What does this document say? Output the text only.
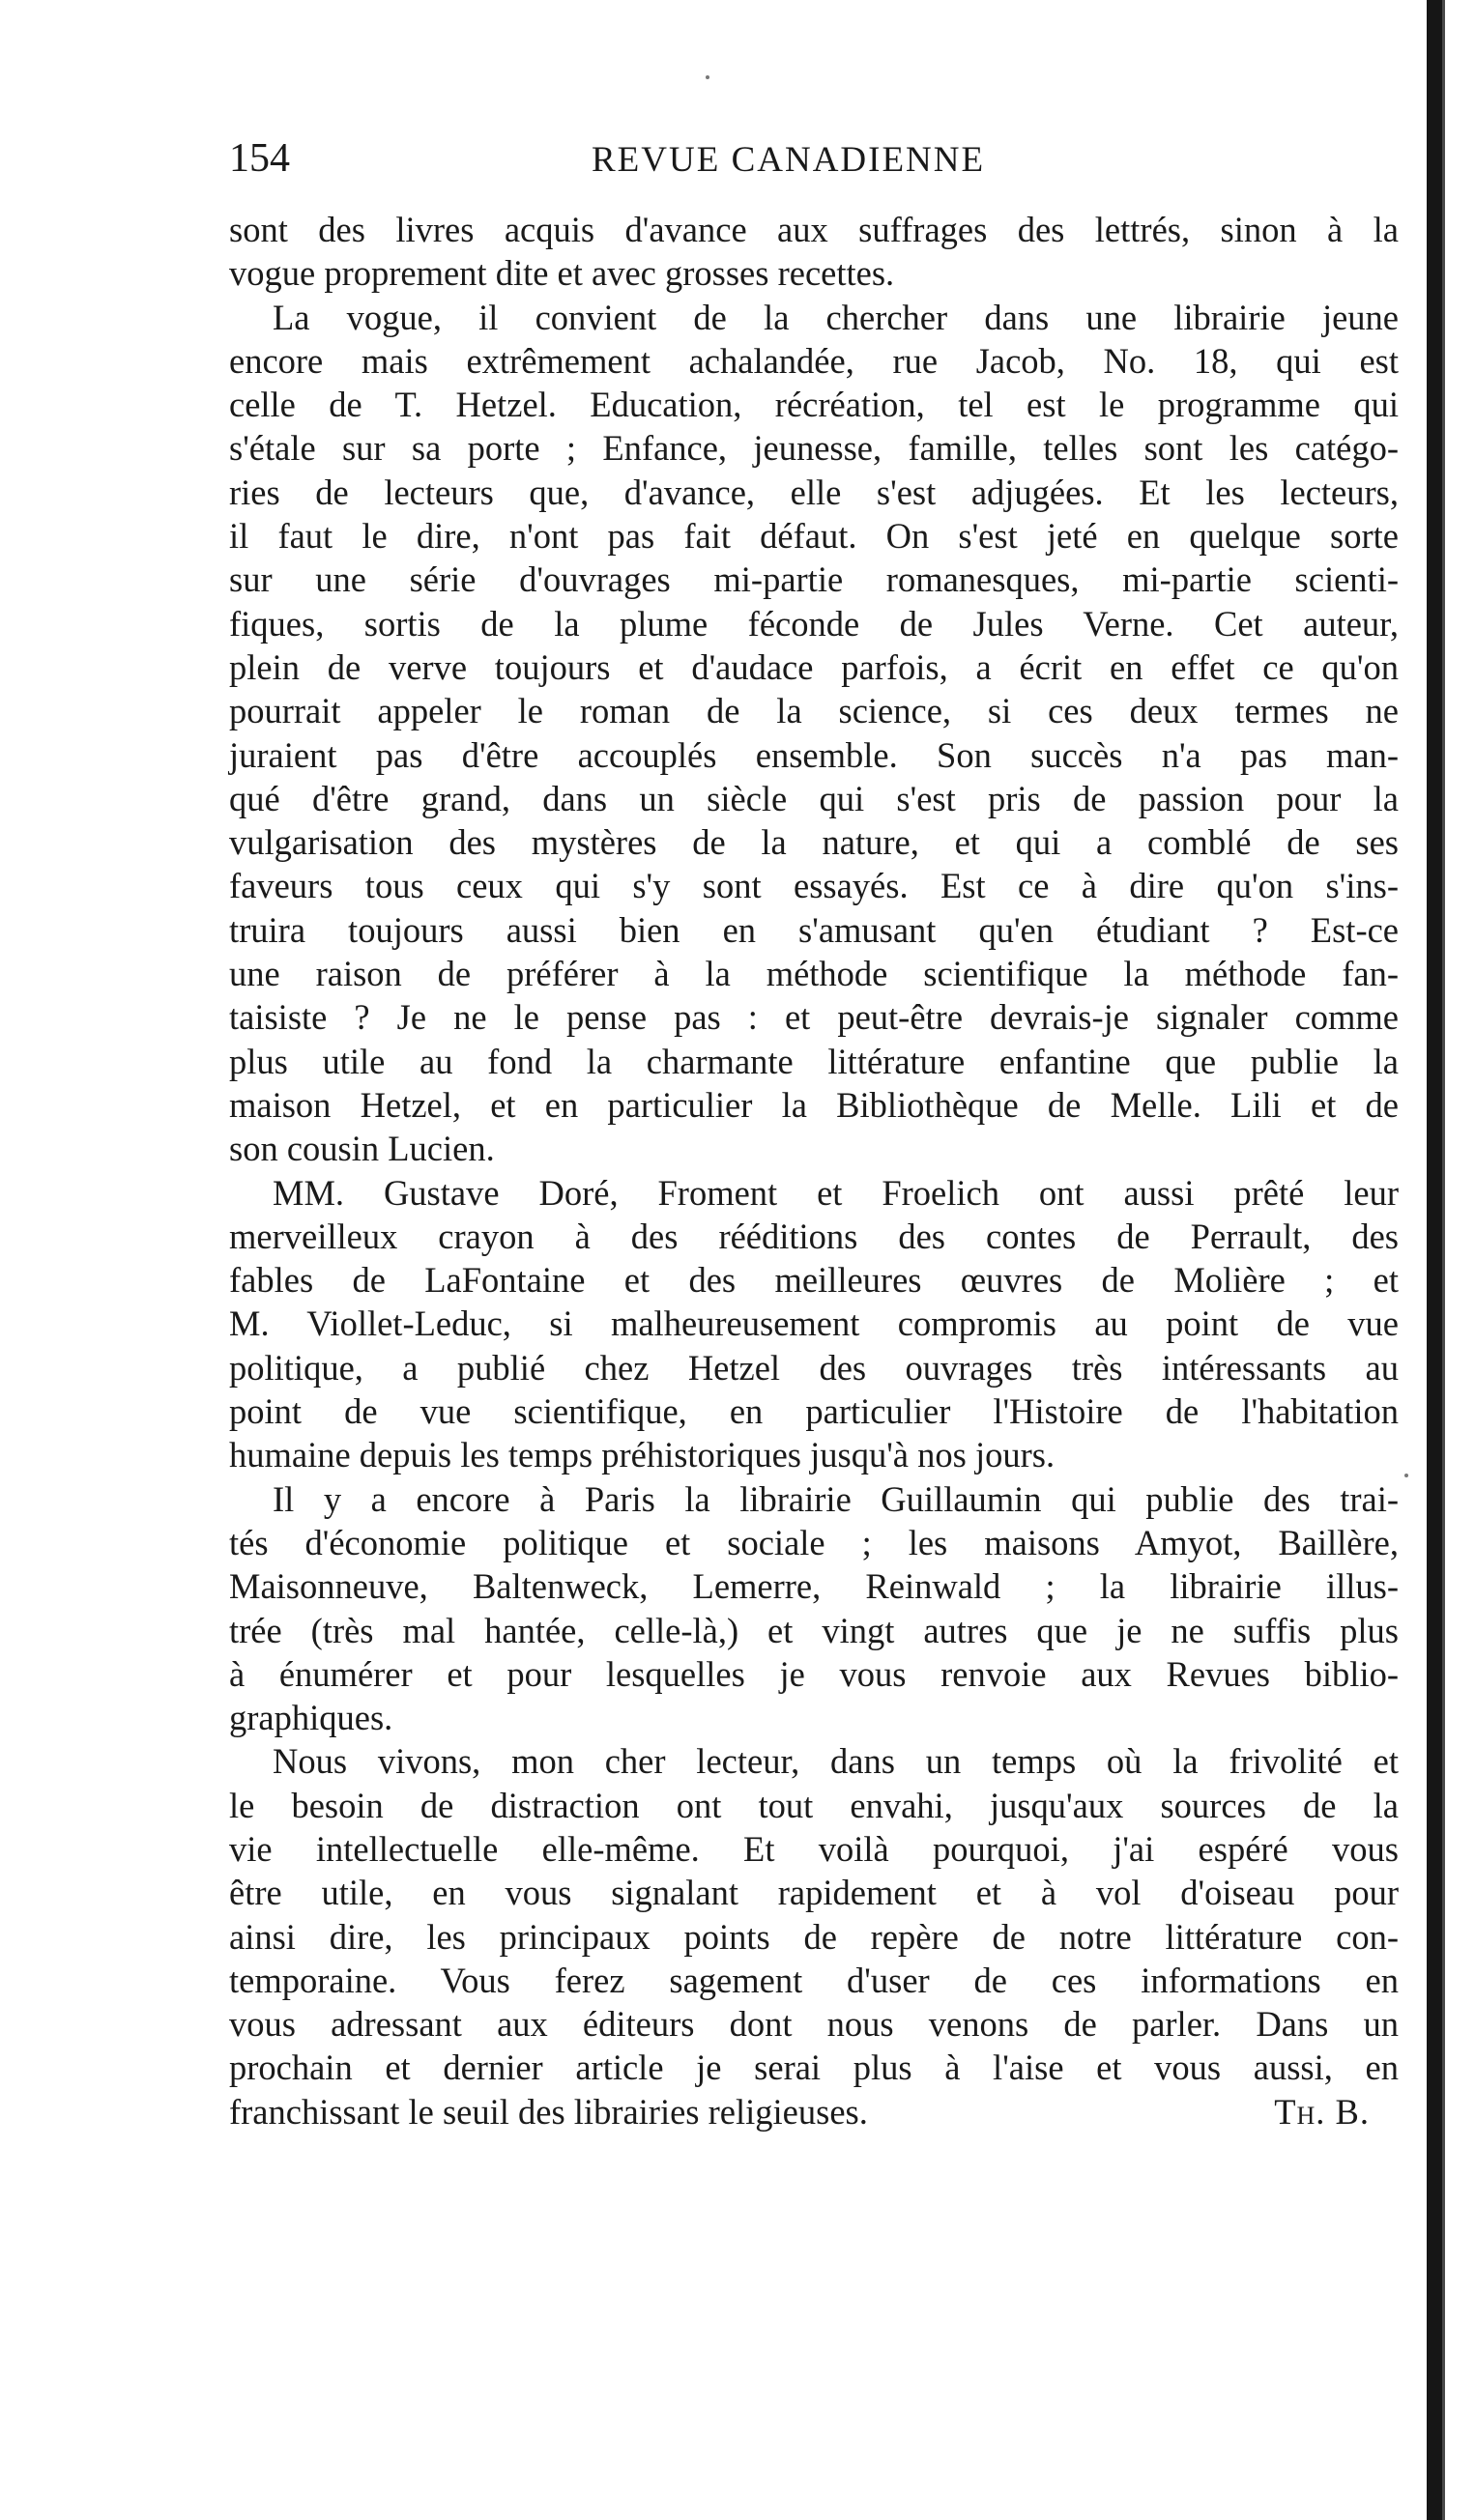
154	REVUE CANADIENNE
sont des livres acquis d'avance aux suffrages des lettrés, sinon à la
vogue proprement dite et avec grosses recettes.
La vogue, il convient de la chercher dans une librairie jeune
encore mais extrêmement achalandée, rue Jacob, No. 18, qui est
celle de T. Hetzel. Education, récréation, tel est le programme qui
s'étale sur sa porte ; Enfance, jeunesse, famille, telles sont les catégo-
ries de lecteurs que, d'avance, elle s'est adjugées. Et les lecteurs,
il faut le dire, n'ont pas fait défaut. On s'est jeté en quelque sorte
sur une série d'ouvrages mi-partie romanesques, mi-partie scienti-
fiques, sortis de la plume féconde de Jules Verne. Cet auteur,
plein de verve toujours et d'audace parfois, a écrit en effet ce qu'on
pourrait appeler le roman de la science, si ces deux termes ne
juraient pas d'être accouplés ensemble. Son succès n'a pas man-
qué d'être grand, dans un siècle qui s'est pris de passion pour la
vulgarisation des mystères de la nature, et qui a comblé de ses
faveurs tous ceux qui s'y sont essayés. Est ce à dire qu'on s'ins-
truira toujours aussi bien en s'amusant qu'en étudiant ? Est-ce
une raison de préférer à la méthode scientifique la méthode fan-
taisiste ? Je ne le pense pas : et peut-être devrais-je signaler comme
plus utile au fond la charmante littérature enfantine que publie la
maison Hetzel, et en particulier la Bibliothèque de Melle. Lili et de
son cousin Lucien.
MM. Gustave Doré, Froment et Froelich ont aussi prêté leur
merveilleux crayon à des rééditions des contes de Perrault, des
fables de LaFontaine et des meilleures œuvres de Molière ; et
M. Viollet-Leduc, si malheureusement compromis au point de vue
politique, a publié chez Hetzel des ouvrages très intéressants au
point de vue scientifique, en particulier l'Histoire de l'habitation
humaine depuis les temps préhistoriques jusqu'à nos jours.
Il y a encore à Paris la librairie Guillaumin qui publie des trai-
tés d'économie politique et sociale ; les maisons Amyot, Baillère,
Maisonneuve, Baltenweck, Lemerre, Reinwald ; la librairie illus-
trée (très mal hantée, celle-là,) et vingt autres que je ne suffis plus
à énumérer et pour lesquelles je vous renvoie aux Revues biblio-
graphiques.
Nous vivons, mon cher lecteur, dans un temps où la frivolité et
le besoin de distraction ont tout envahi, jusqu'aux sources de la
vie intellectuelle elle-même. Et voilà pourquoi, j'ai espéré vous
être utile, en vous signalant rapidement et à vol d'oiseau pour
ainsi dire, les principaux points de repère de notre littérature con-
temporaine. Vous ferez sagement d'user de ces informations en
vous adressant aux éditeurs dont nous venons de parler. Dans un
prochain et dernier article je serai plus à l'aise et vous aussi, en
franchissant le seuil des librairies religieuses.	Th. B.
